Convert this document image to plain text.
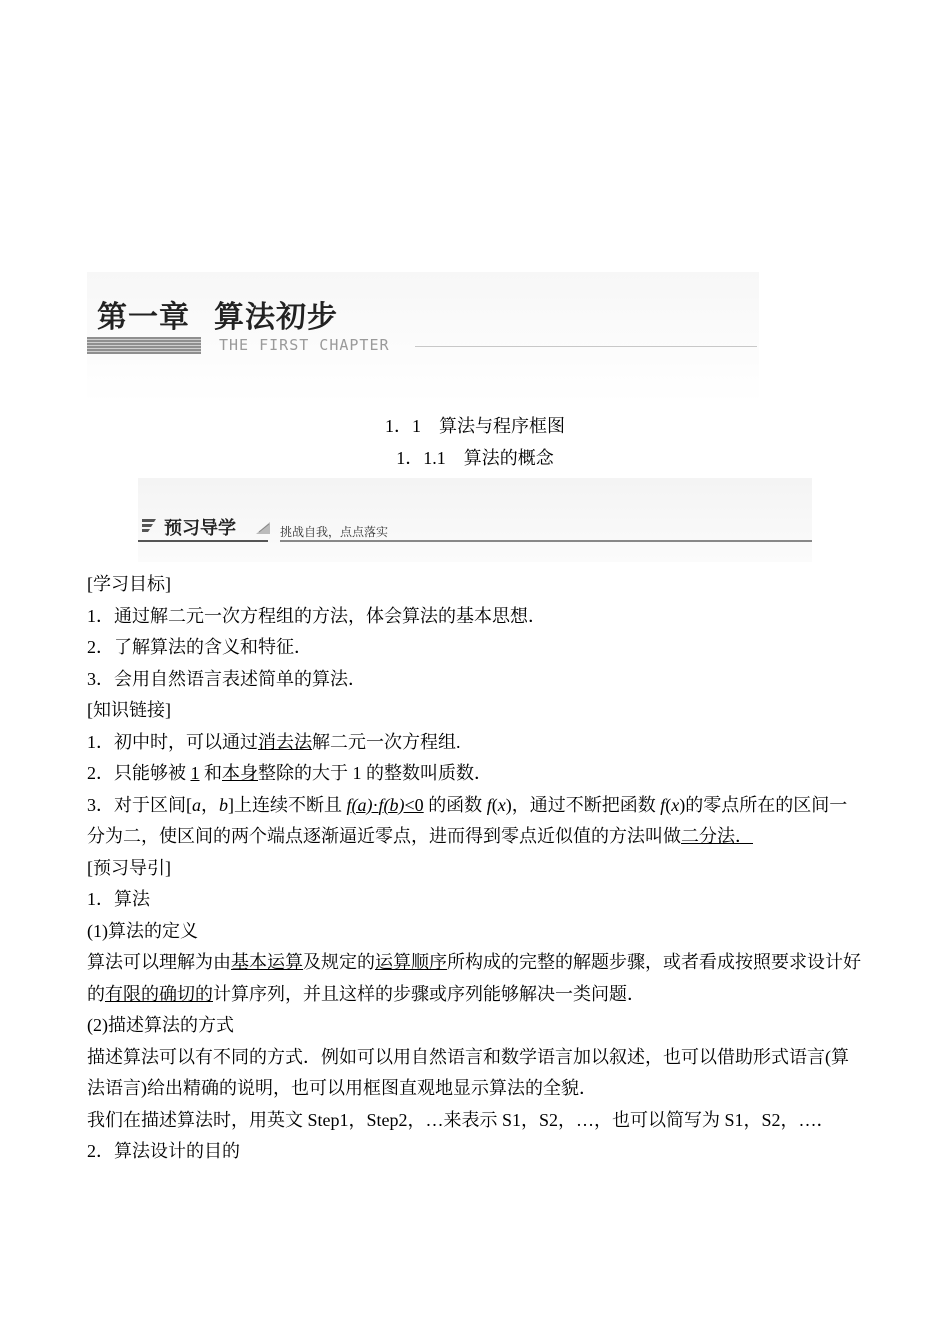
第一章 算法初步
THE FIRST CHAPTER
1．1　算法与程序框图
1．1.1　算法的概念
预习导学	挑战自我，点点落实

[学习目标]

1．通过解二元一次方程组的方法，体会算法的基本思想．

2．了解算法的含义和特征．

3．会用自然语言表述简单的算法．

[知识链接]

1．初中时，可以通过消去法解二元一次方程组.

2．只能够被 1 和本身整除的大于 1 的整数叫质数．

3．对于区间[a，b]上连续不断且 f(a)·f(b)<0 的函数 f(x)，通过不断把函数 f(x)的零点所在的区间一分为二，使区间的两个端点逐渐逼近零点，进而得到零点近似值的方法叫做二分法．

[预习导引]

1．算法

(1)算法的定义

算法可以理解为由基本运算及规定的运算顺序所构成的完整的解题步骤，或者看成按照要求设计好的有限的确切的计算序列，并且这样的步骤或序列能够解决一类问题．

(2)描述算法的方式

描述算法可以有不同的方式．例如可以用自然语言和数学语言加以叙述，也可以借助形式语言(算法语言)给出精确的说明，也可以用框图直观地显示算法的全貌．

我们在描述算法时，用英文 Step1，Step2，…来表示 S1，S2，…，也可以简写为 S1，S2，…．

2．算法设计的目的
